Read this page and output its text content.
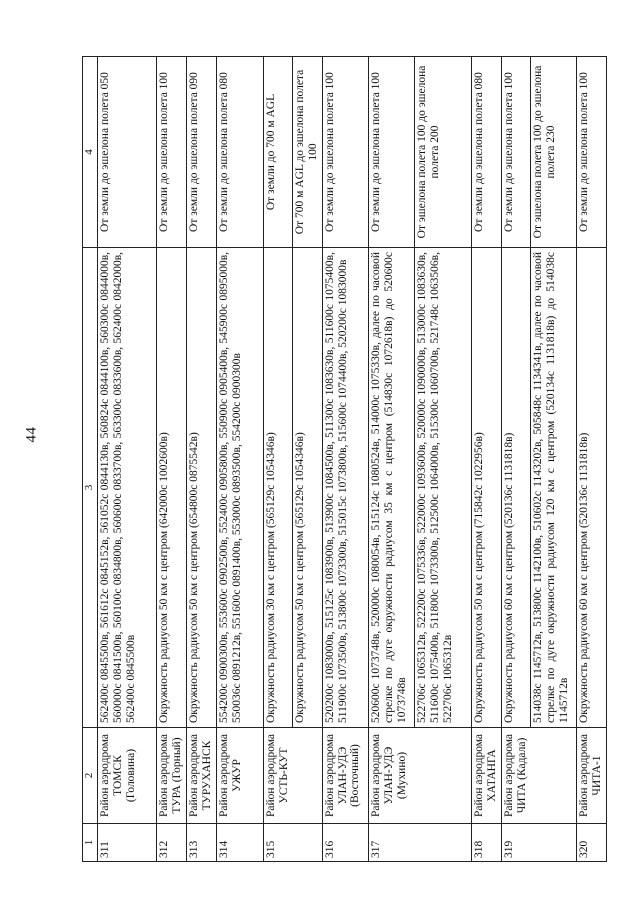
44
1	2	3	4
311	Район аэродрома ТОМСК (Головина)	562400с 0845500в, 561612с 0845152в, 561052с 0844130в, 560824с 0844100в, 560300с 0844000в, 560000с 0841500в, 560100с 0834800в, 560600с 0833700в, 563300с 0833600в, 562400с 0842000в, 562400с 0845500в	От земли до эшелона полета 050
312	Район аэродрома ТУРА (Горный)	Окружность радиусом 50 км с центром (642000с 1002600в)	От земли до эшелона полета 100
313	Район аэродрома ТУРУХАНСК	Окружность радиусом 50 км с центром (654800с 0875542в)	От земли до эшелона полета 090
314	Район аэродрома УЖУР	554200с 0900300в, 553600с 0902500в, 552400с 0905800в, 550900с 0905400в, 545900с 0895000в, 550036с 0891212в, 551600с 0891400в, 553000с 0893500в, 554200с 0900300в	От земли до эшелона полета 080
315	Район аэродрома УСТЬ-КУТ	Окружность радиусом 30 км с центром (565129с 1054346в)	От земли до 700 м AGL
		Окружность радиусом 50 км с центром (565129с 1054346в)	От 700 м AGL до эшелона полета 100
316	Район аэродрома УЛАН-УДЭ (Восточный)	520200с 1083000в, 515125с 1083900в, 513900с 1084500в, 511300с 1083630в, 511600с 1075400в, 511900с 1073500в, 513800с 1073300в, 515015с 1073800в, 515600с 1074400в, 520200с 1083000в	От земли до эшелона полета 100
317	Район аэродрома УЛАН-УДЭ (Мухино)	520600с 1073748в, 520000с 1080054в, 515124с 1080524в, 514000с 1075330в, далее по часовой стрелке по дуге окружности радиусом 35 км с центром (514830с 1072618в) до 520600с 1073748в	От земли до эшелона полета 100
		522706с 1065312в, 522200с 1075336в, 522000с 1093600в, 520000с 1090000в, 513000с 1083630в, 511600с 1075400в, 511800с 1073300в, 512500с 1064000в, 515300с 1060700в, 521748с 1063506в, 522706с 1065312в	От эшелона полета 100 до эшелона полета 200
318	Район аэродрома ХАТАНГА	Окружность радиусом 50 км с центром (715842с 1022956в)	От земли до эшелона полета 080
319	Район аэродрома ЧИТА (Кадала)	Окружность радиусом 60 км с центром (520136с 1131818в)	От земли до эшелона полета 100
		514038с 1145712в, 513800с 1142100в, 510602с 1143202в, 505848с 1134341в, далее по часовой стрелке по дуге окружности радиусом 120 км с центром (520134с 1131818в) до 514038с 1145712в	От эшелона полета 100 до эшелона полета 230
320	Район аэродрома ЧИТА-1	Окружность радиусом 60 км с центром (520136с 1131818в)	От земли до эшелона полета 100
